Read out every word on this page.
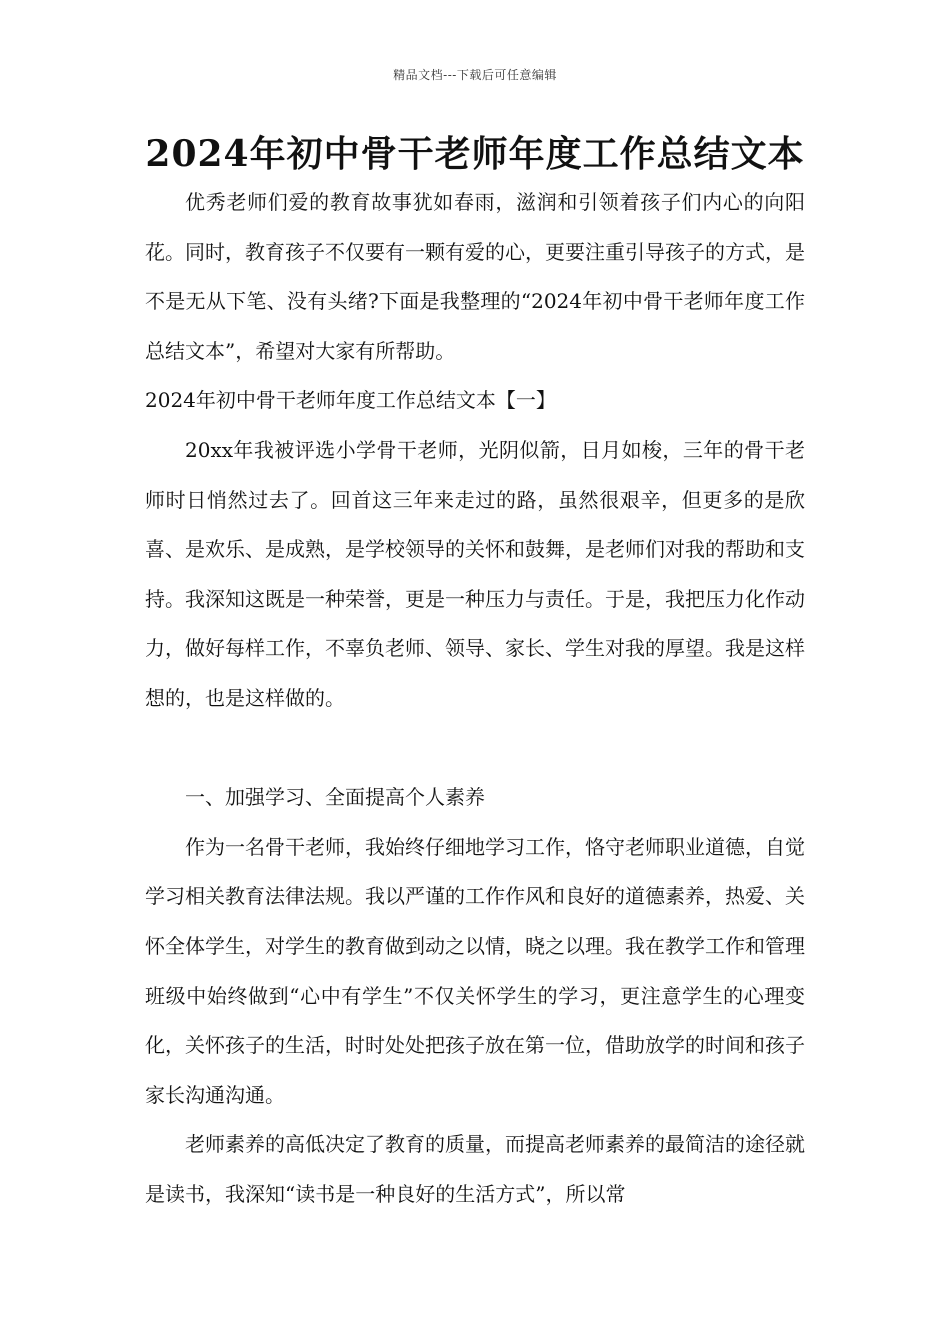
精品文档---下载后可任意编辑
2024年初中骨干老师年度工作总结文本

优秀老师们爱的教育故事犹如春雨，滋润和引领着孩子们内心的向阳花。同时，教育孩子不仅要有一颗有爱的心，更要注重引导孩子的方式，是不是无从下笔、没有头绪?下面是我整理的“2024年初中骨干老师年度工作总结文本”，希望对大家有所帮助。

2024年初中骨干老师年度工作总结文本【一】

20xx年我被评选小学骨干老师，光阴似箭，日月如梭，三年的骨干老师时日悄然过去了。回首这三年来走过的路，虽然很艰辛，但更多的是欣喜、是欢乐、是成熟，是学校领导的关怀和鼓舞，是老师们对我的帮助和支持。我深知这既是一种荣誉，更是一种压力与责任。于是，我把压力化作动力，做好每样工作，不辜负老师、领导、家长、学生对我的厚望。我是这样想的，也是这样做的。

一、加强学习、全面提高个人素养

作为一名骨干老师，我始终仔细地学习工作，恪守老师职业道德，自觉学习相关教育法律法规。我以严谨的工作作风和良好的道德素养，热爱、关怀全体学生，对学生的教育做到动之以情，晓之以理。我在教学工作和管理班级中始终做到“心中有学生”不仅关怀学生的学习，更注意学生的心理变化，关怀孩子的生活，时时处处把孩子放在第一位，借助放学的时间和孩子家长沟通沟通。

老师素养的高低决定了教育的质量，而提高老师素养的最简洁的途径就是读书，我深知“读书是一种良好的生活方式”，所以常
